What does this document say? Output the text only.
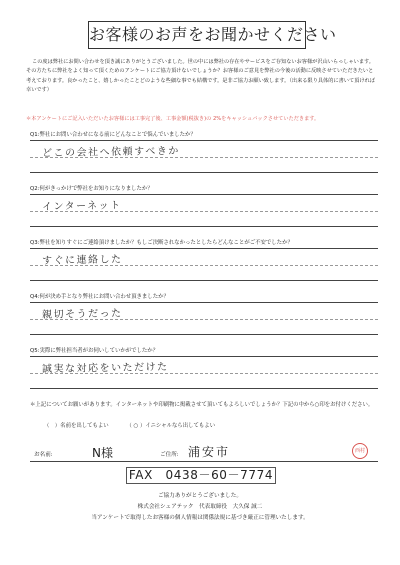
お客様のお声をお聞かせください

この度は弊社にお問い合わせを頂き誠にありがとうございました。世の中には弊社の存在やサービスをご存知ないお客様が沢山いらっしゃいます。その方たちに弊社をよく知って頂くためのアンケートにご協力頂けないでしょうか？お客様のご意見を弊社の今後の活動に反映させていただきたいと考えております。良かったこと、嬉しかったことどのような些細な事でも結構です。是非ご協力お願い致します。（出来る限り具体的に書いて頂ければ幸いです）

＊本アンケートにご記入いただいたお客様には工事完了後、工事金額(税抜き)の 2%をキャッシュバックさせていただきます。

Q1:弊社にお問い合わせになる前にどんなことで悩んでいましたか？
どこの会社へ依頼すべきか
Q2:何がきっかけで弊社をお知りになりましたか？
インターネット
Q3:弊社を知りすぐにご連絡頂けましたか？もしご決断されなかったとしたらどんなことがご不安でしたか？
すぐに連絡した
Q4:何が決め手となり弊社にお問い合わせ頂きましたか？
親切そうだった
Q5:実際に弊社担当者がお伺いしていかがでしたか？
誠実な対応をいただけた

＊上記についてお願いがあります。インターネットや印刷物に掲載させて頂いてもよろしいでしょうか？下記の中から○印をお付けください。

（　）名前を出してもよい	（ ○ ）イニシャルなら出してもよい
お名前:	N様	ご住所: 浦安市	西村
FAX　0438－60－7774
ご協力ありがとうございました。
株式会社シェアテック　代表取締役　大久保 誠二
当アンケートで取得したお客様の個人情報は関係法規に基づき厳正に管理いたします。
